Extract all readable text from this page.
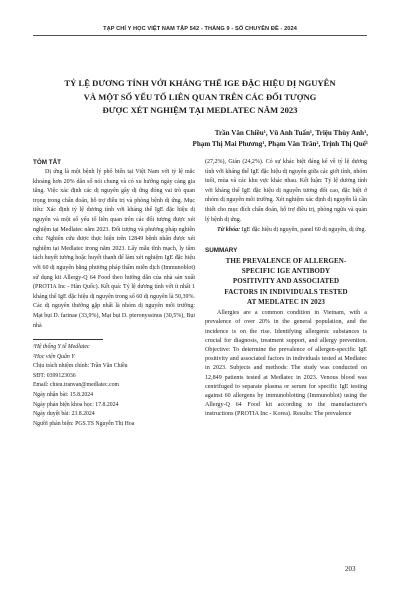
TẠP CHÍ Y HỌC VIỆT NAM TẬP 542 - THÁNG 9 - SỐ CHUYÊN ĐỀ - 2024
TỶ LỆ DƯƠNG TÍNH VỚI KHÁNG THỂ IGE ĐẶC HIỆU DỊ NGUYÊN
VÀ MỘT SỐ YẾU TỐ LIÊN QUAN TRÊN CÁC ĐỐI TƯỢNG
ĐƯỢC XÉT NGHIỆM TẠI MEDLATEC NĂM 2023
Trần Văn Chiều¹, Vũ Anh Tuấn¹, Triệu Thùy Anh¹,
Phạm Thị Mai Phương¹, Phạm Văn Trân², Trịnh Thị Quế¹
TÓM TẮT

Dị ứng là một bệnh lý phổ biến tại Việt Nam với tỷ lệ mắc khoảng hơn 20% dân số nói chung và có xu hướng ngày càng gia tăng. Việc xác định các dị nguyên gây dị ứng đóng vai trò quan trọng trong chẩn đoán, hỗ trợ điều trị và phòng bệnh dị ứng. Mục tiêu: Xác định tỷ lệ dương tính với kháng thể IgE đặc hiệu dị nguyên và một số yếu tố liên quan trên các đối tượng được xét nghiệm tại Medlatec năm 2023. Đối tượng và phương pháp nghiên cứu: Nghiên cứu được thực hiện trên 12849 bệnh nhân được xét nghiệm tại Medlatec trong năm 2023. Lấy mẫu tĩnh mạch, ly tâm tách huyết tương hoặc huyết thanh để làm xét nghiệm IgE đặc hiệu với 60 dị nguyên bằng phương pháp thấm miễn dịch (Immunoblot) sử dụng kit Allergy-Q 64 Food theo hướng dẫn của nhà sản xuất (PROTIA Inc - Hàn Quốc). Kết quả: Tỷ lệ dương tính với ít nhất 1 kháng thể IgE đặc hiệu dị nguyên trong số 60 dị nguyên là 50,39%. Các dị nguyên thường gặp nhất là nhóm dị nguyên môi trường: Mạt bụi D. farinae (33,9%), Mạt bụi D. pteronyssinus (30,5%), Bụi nhà

¹Hệ thống Y tế Medlatec
²Học viện Quân Y
Chịu trách nhiệm chính: Trần Văn Chiều
SĐT: 0399123036
Email: chieu.tranvan@medlatec.com
Ngày nhận bài: 15.8.2024
Ngày phản biện khoa học: 17.8.2024
Ngày duyệt bài: 23.8.2024
Người phản biện: PGS.TS Nguyễn Thị Hoa

(27,2%), Gián (24,2%). Có sự khác biệt đáng kể về tỷ lệ dương tính với kháng thể IgE đặc hiệu dị nguyên giữa các giới tính, nhóm tuổi, mùa và các khu vực khác nhau. Kết luận: Tỷ lệ dương tính với kháng thể IgE đặc hiệu dị nguyên tương đối cao, đặc biệt ở nhóm dị nguyên môi trường. Xét nghiệm xác định dị nguyên là cần thiết cho mục đích chẩn đoán, hỗ trợ điều trị, phòng ngừa và quản lý bệnh dị ứng.

Từ khóa: IgE đặc hiệu dị nguyên, panel 60 dị nguyên, dị ứng.

SUMMARY
THE PREVALENCE OF ALLERGEN-
SPECIFIC IGE ANTIBODY
POSITIVITY AND ASSOCIATED
FACTORS IN INDIVIDUALS TESTED
AT MEDLATEC IN 2023

Allergies are a common condition in Vietnam, with a prevalence of over 20% in the general population, and the incidence is on the rise. Identifying allergenic substances is crucial for diagnosis, treatment support, and allergy prevention. Objective: To determine the prevalence of allergen-specific IgE positivity and associated factors in individuals tested at Medlatec in 2023. Subjects and methods: The study was conducted on 12,849 patients tested at Medlatec in 2023. Venous blood was centrifuged to separate plasma or serum for specific IgE testing against 60 allergens by immunoblotting (Immunoblot) using the Allergy-Q 64 Food kit according to the manufacturer's instructions (PROTIA Inc - Korea). Results: The prevalence

203
